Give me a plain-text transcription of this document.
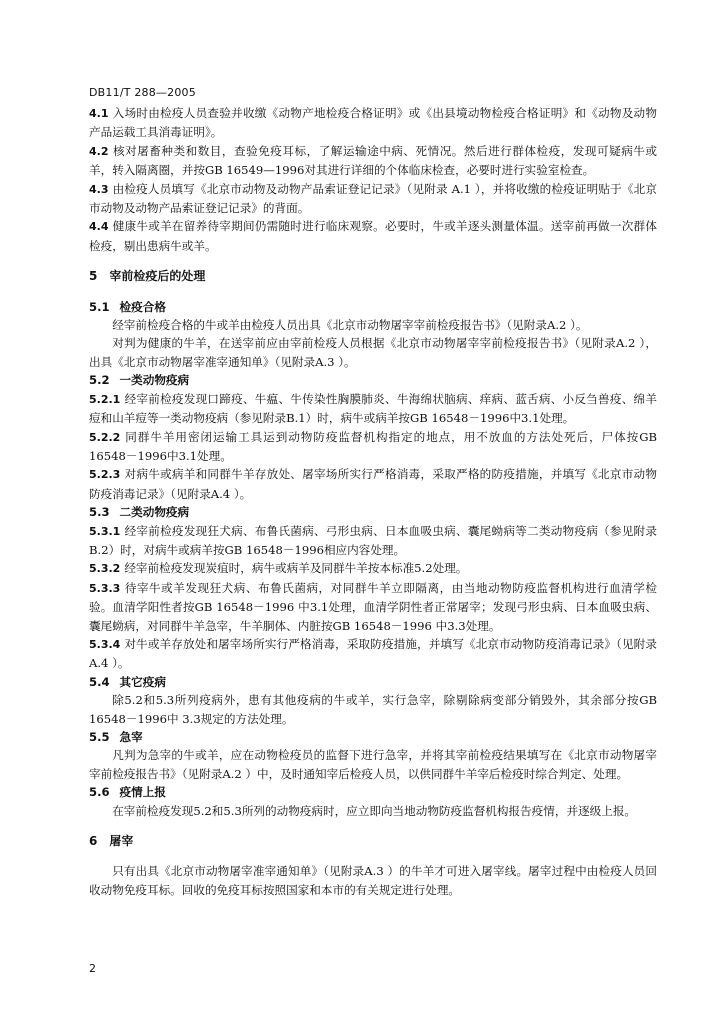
DB11/T 288—2005

4.1 入场时由检疫人员查验并收缴《动物产地检疫合格证明》或《出县境动物检疫合格证明》和《动物及动物产品运载工具消毒证明》。

4.2 核对屠畜种类和数目，查验免疫耳标，了解运输途中病、死情况。然后进行群体检疫，发现可疑病牛或羊，转入隔离圈，并按GB 16549—1996对其进行详细的个体临床检查，必要时进行实验室检查。

4.3 由检疫人员填写《北京市动物及动物产品索证登记记录》（见附录 A.1 ），并将收缴的检疫证明贴于《北京市动物及动物产品索证登记记录》的背面。

4.4 健康牛或羊在留养待宰期间仍需随时进行临床观察。必要时，牛或羊逐头测量体温。送宰前再做一次群体检疫，剔出患病牛或羊。

5 宰前检疫后的处理

5.1 检疫合格

经宰前检疫合格的牛或羊由检疫人员出具《北京市动物屠宰宰前检疫报告书》（见附录A.2 ）。

对判为健康的牛羊，在送宰前应由宰前检疫人员根据《北京市动物屠宰宰前检疫报告书》（见附录A.2 ），出具《北京市动物屠宰准宰通知单》（见附录A.3 ）。

5.2 一类动物疫病

5.2.1 经宰前检疫发现口蹄疫、牛瘟、牛传染性胸膜肺炎、牛海绵状脑病、痒病、蓝舌病、小反刍兽疫、绵羊痘和山羊痘等一类动物疫病（参见附录B.1）时，病牛或病羊按GB 16548－1996中3.1处理。

5.2.2 同群牛羊用密闭运输工具运到动物防疫监督机构指定的地点，用不放血的方法处死后，尸体按GB 16548－1996中3.1处理。

5.2.3 对病牛或病羊和同群牛羊存放处、屠宰场所实行严格消毒，采取严格的防疫措施，并填写《北京市动物防疫消毒记录》（见附录A.4 ）。

5.3 二类动物疫病

5.3.1 经宰前检疫发现狂犬病、布鲁氏菌病、弓形虫病、日本血吸虫病、囊尾蚴病等二类动物疫病（参见附录B.2）时，对病牛或病羊按GB 16548－1996相应内容处理。

5.3.2 经宰前检疫发现炭疽时，病牛或病羊及同群牛羊按本标准5.2处理。

5.3.3 待宰牛或羊发现狂犬病、布鲁氏菌病，对同群牛羊立即隔离，由当地动物防疫监督机构进行血清学检验。血清学阳性者按GB 16548－1996 中3.1处理，血清学阴性者正常屠宰；发现弓形虫病、日本血吸虫病、囊尾蚴病，对同群牛羊急宰，牛羊胴体、内脏按GB 16548－1996 中3.3处理。

5.3.4 对牛或羊存放处和屠宰场所实行严格消毒，采取防疫措施，并填写《北京市动物防疫消毒记录》（见附录A.4 ）。

5.4 其它疫病

除5.2和5.3所列疫病外，患有其他疫病的牛或羊，实行急宰，除剔除病变部分销毁外，其余部分按GB 16548－1996中 3.3规定的方法处理。

5.5 急宰

凡判为急宰的牛或羊，应在动物检疫员的监督下进行急宰，并将其宰前检疫结果填写在《北京市动物屠宰宰前检疫报告书》（见附录A.2 ）中，及时通知宰后检疫人员，以供同群牛羊宰后检疫时综合判定、处理。

5.6 疫情上报

在宰前检疫发现5.2和5.3所列的动物疫病时，应立即向当地动物防疫监督机构报告疫情，并逐级上报。

6 屠宰

只有出具《北京市动物屠宰准宰通知单》（见附录A.3 ）的牛羊才可进入屠宰线。屠宰过程中由检疫人员回收动物免疫耳标。回收的免疫耳标按照国家和本市的有关规定进行处理。

2
